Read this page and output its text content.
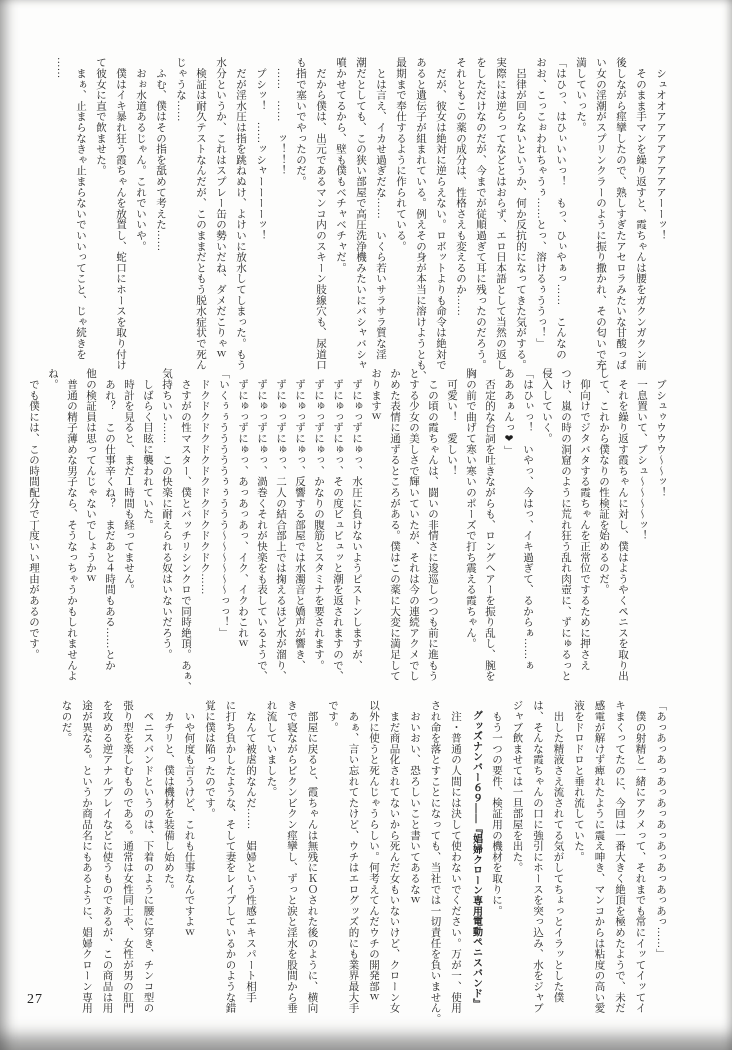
　シュオオアアアアアアアアーーッ！
　そのまま手マンを繰り返すと、霞ちゃんは腰をガクンガクン前
後しながら痙攣したので、熟しすぎたアセロラみたいな甘酸っぱ
い女の淫潮がスプリンクラーのように振り撒かれ、その匂いで充
満していった。
「はひっ、はひぃいいっ！　もっ、ひぃやぁっ……　こんなの
おお、こっこぉわれちゃうぅ……とっ、溶けるぅううっ！」
　呂律が回らないというか、何か反抗的になってきた気がする。
実際には逆らってなどとはおらず、エロ日本語として当然の返し
をしただけなのだが、今までが従順過ぎて耳に残ったのだろう。
それともこの薬の成分は、性格さえも変えるのか……
　だが、彼女は絶対に逆らえない。ロボットよりも命令は絶対で
あると遺伝子が組まれている。例えその身が本当に溶けようとも、
最期まで奉仕するように作られている。
　とは言え、イカせ過ぎだな……　いくら若いサラサラ質な淫
潮だとしても、この狭い部屋で高圧洗浄機みたいにバシャバシャ
噴かせてるから、壁も僕もベチャベチャだ。
　だから僕は、出元であるマンコ内のスキーン肢線穴も、尿道口
も指で塞いでやったのだ。
　……　……　ッ！！！
　プシッ！　……ッシャーーーーッ！
　だが淫水圧は指を跳ねぬけ、よけいに放水してしまった。もう
水分というか、これはスプレー缶の勢いだね、ダメだこりゃｗ
　検証は耐久テストなんだが、このままだともう脱水症状で死ん
じゃうな……
　ふむ、僕はその指を舐めて考えた……
　おぉ水道あるじゃん。これでいいや。
　僕はイキ暴れ狂う霞ちゃんを放置し、蛇口にホースを取り付け
て彼女に直で飲ませた。
　まぁ、止まらなきゃ止まらないでいいってこと、じゃ続きを
……
　ブシュゥウウウ〜〜ッ！
　一息置いて、ブシュ〜〜〜〜ッ！
　それを繰り返す霞ちゃんに対し、僕はようやくペニスを取り出
して、これから僕なりの性検証を始めるのだ。
　仰向けでジタバタする霞ちゃんを正常位でするために押さえ
つけ、嵐の時の洞窟のように荒れ狂う乱れ肉壺に、ずにゅるっと
侵入していく。
「はひぃっ！　いやっ、今はっ、イキ過ぎて、るからぁ……ぁ
あああぁんっ❤」
　否定的な台詞を吐きながらも、ロングヘアーを振り乱し、腕を
胸の前で曲げて寒い寒いのポーズで打ち震える霞ちゃん。
　可愛い！　愛しい！
　この頃の霞ちゃんは、闘いの非情さに逡巡しつつも前に進もう
とする少女の美しさで輝いていたが、それは今の連続アクメでし
かめた表情に通ずるところがある。僕はこの薬に大変に満足して
おりますｗ
　ずにゅっずにゅっ、水圧に負けないようピストンしますが、
　ずにゅっずにゅっ、その度ビュビュッと潮を返されますので、
　ずにゅっずにゅっ、かなりの腹筋とスタミナを要されます。
　ずにゅっずにゅっ、反響する部屋では水濁音と嬌声が響き、
　ずにゅっずにゅっ、二人の結合部上では掬えるほど水が溜り、
　ずにゅっずにゅっ、渦巻くそれが快楽をも表しているようで、
　ずにゅっずにゅっ、あっあっあっ、イク、イクわこれｗ
「いくぅぅうううううぅぅううう〜〜〜〜〜〜っっ！」
　ドクドクドクドクドクドクドクドクドク……
　さすがの性マスター、僕とバッチリシンクロで同時絶頂。あぁ、
気持ちいい……　この快楽に耐えられる奴はいないだろう。
　しばらく目眩に襲われていた。
　時計を見ると、まだ１時間も経ってません。
　あれ？　この仕事辛くね？　まだあと４時間もある……とか
他の検証員は思ってんじゃないでしょうかｗ
　普通の精子薄めな男子なら、そうなっちゃうかもしれませんよ
ね。
　でも僕には、この時間配分で丁度いい理由があるのです。
「あっあっあっあっあっあっあっあっあっあっ……」
　僕の射精と一緒にアクメって、それまでも常にイッてイッてイ
キまくってたのに、今回は一番大きく絶頂を極めたようで、未だ
感電が解けず痺れたように震え呻き、マンコからは粘度の高い愛
液をドロドロと垂れ流していた。
　出した精液さえ流されてる気がしてちょっとイラッとした僕
は、そんな霞ちゃんの口に強引にホースを突っ込み、水をジャブ
ジャブ飲ませては一旦部屋を出た。
　もう一つの要件、検証用の機材を取りに。
　グッズナンバー６９――『娼婦クローン専用電動ペニスバンド』
　注・普通の人間には決して使わないでください。万が一、使用
され命を落とすことになっても、当社では一切責任を負いません。
　おいおい、恐ろしいこと書いてあるなｗ
　まだ商品化されてないから死んだ女もいないけど、クローン女
以外に使うと死んじゃうらしい。何考えてんだウチの開発部ｗ
　あぁ、言い忘れてたけど、ウチはエログッズ的にも業界最大手
です。
　部屋に戻ると、霞ちゃんは無残にＫＯされた後のように、横向
きで寝ながらビクンビクン痙攣し、ずっと涙と淫水を股間から垂
れ流していました。
　なんて被虐的なんだ……　娼婦という性感エキスパート相手
に打ち負かしたような、そして妻をレイプしているかのような錯
覚に僕は陥ったのです。
　いや何度も言うけど、これも仕事なんですよｗ
　カチリと、僕は機材を装備し始めた。
　ペニスバンドというのは、下着のように腰に穿き、チンコ型の
張り型を楽しむものである。通常は女性同士や、女性が男の肛門
を攻める逆アナルプレイなどに使うものであるが、この商品は用
途が異なる。というか商品名にもあるように、娼婦クローン専用
なのだ。
27
